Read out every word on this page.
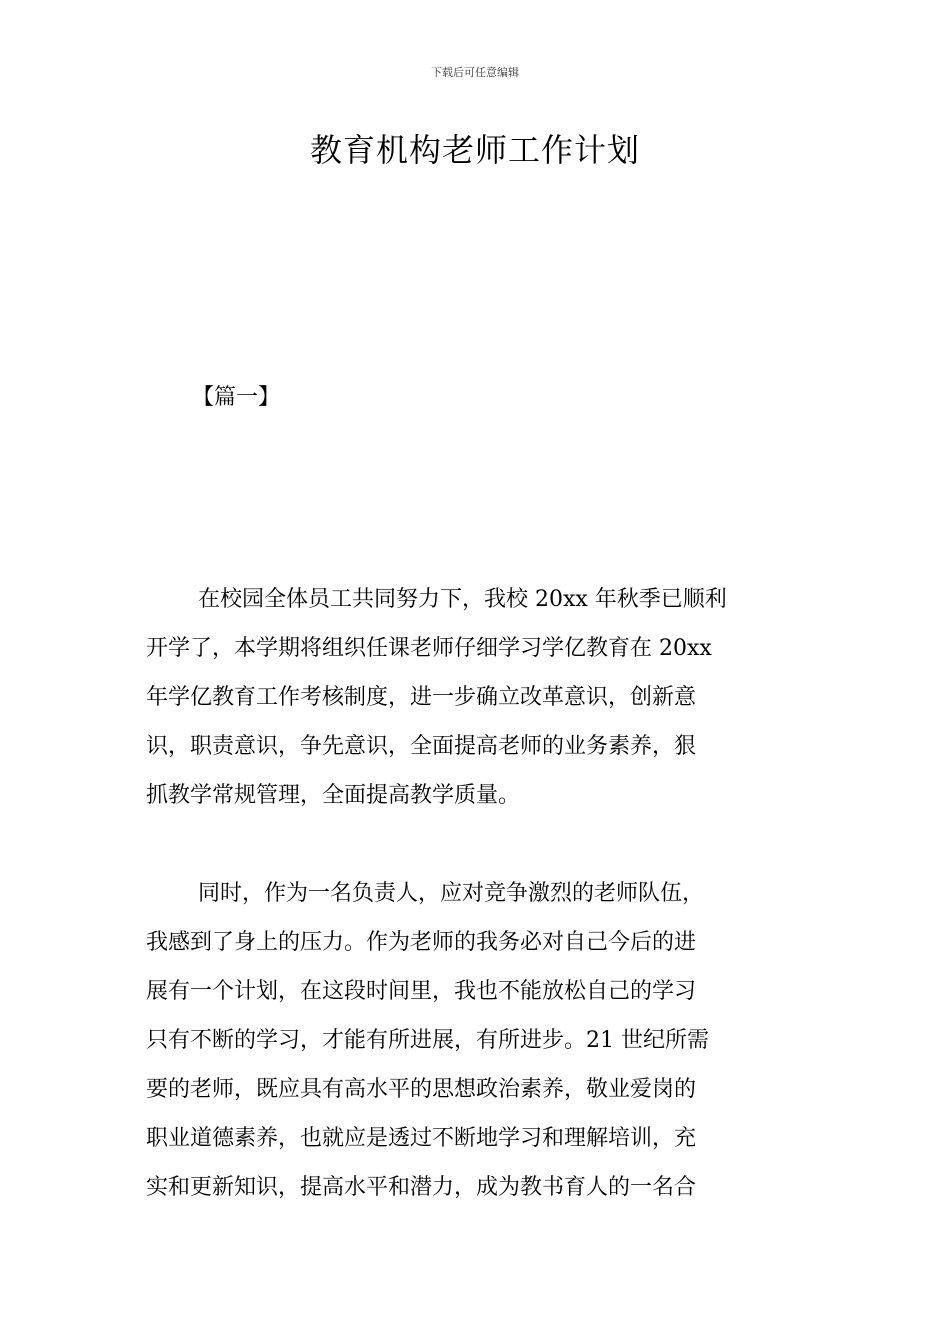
下载后可任意编辑
教育机构老师工作计划
【篇一】

在校园全体员工共同努力下，我校 20xx 年秋季已顺利
开学了，本学期将组织任课老师仔细学习学亿教育在 20xx
年学亿教育工作考核制度，进一步确立改革意识，创新意
识，职责意识，争先意识，全面提高老师的业务素养，狠
抓教学常规管理，全面提高教学质量。

同时，作为一名负责人，应对竞争激烈的老师队伍，
我感到了身上的压力。作为老师的我务必对自己今后的进
展有一个计划，在这段时间里，我也不能放松自己的学习
只有不断的学习，才能有所进展，有所进步。21 世纪所需
要的老师，既应具有高水平的思想政治素养，敬业爱岗的
职业道德素养，也就应是透过不断地学习和理解培训，充
实和更新知识，提高水平和潜力，成为教书育人的一名合
